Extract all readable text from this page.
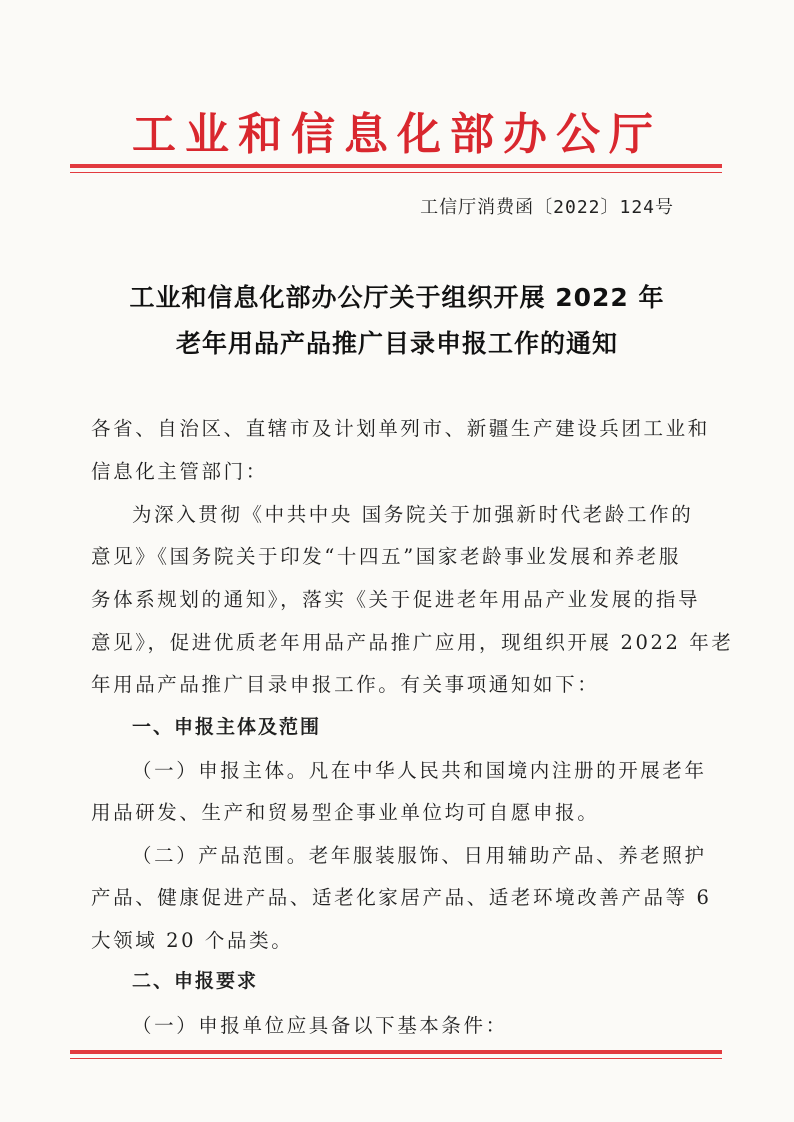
工业和信息化部办公厅
工信厅消费函〔2022〕124号
工业和信息化部办公厅关于组织开展 2022 年
老年用品产品推广目录申报工作的通知
各省、自治区、直辖市及计划单列市、新疆生产建设兵团工业和
信息化主管部门：
为深入贯彻《中共中央 国务院关于加强新时代老龄工作的
意见》《国务院关于印发“十四五”国家老龄事业发展和养老服
务体系规划的通知》，落实《关于促进老年用品产业发展的指导
意见》，促进优质老年用品产品推广应用，现组织开展 2022 年老
年用品产品推广目录申报工作。有关事项通知如下：
一、申报主体及范围
（一）申报主体。凡在中华人民共和国境内注册的开展老年
用品研发、生产和贸易型企事业单位均可自愿申报。
（二）产品范围。老年服装服饰、日用辅助产品、养老照护
产品、健康促进产品、适老化家居产品、适老环境改善产品等 6
大领域 20 个品类。
二、申报要求
（一）申报单位应具备以下基本条件：
